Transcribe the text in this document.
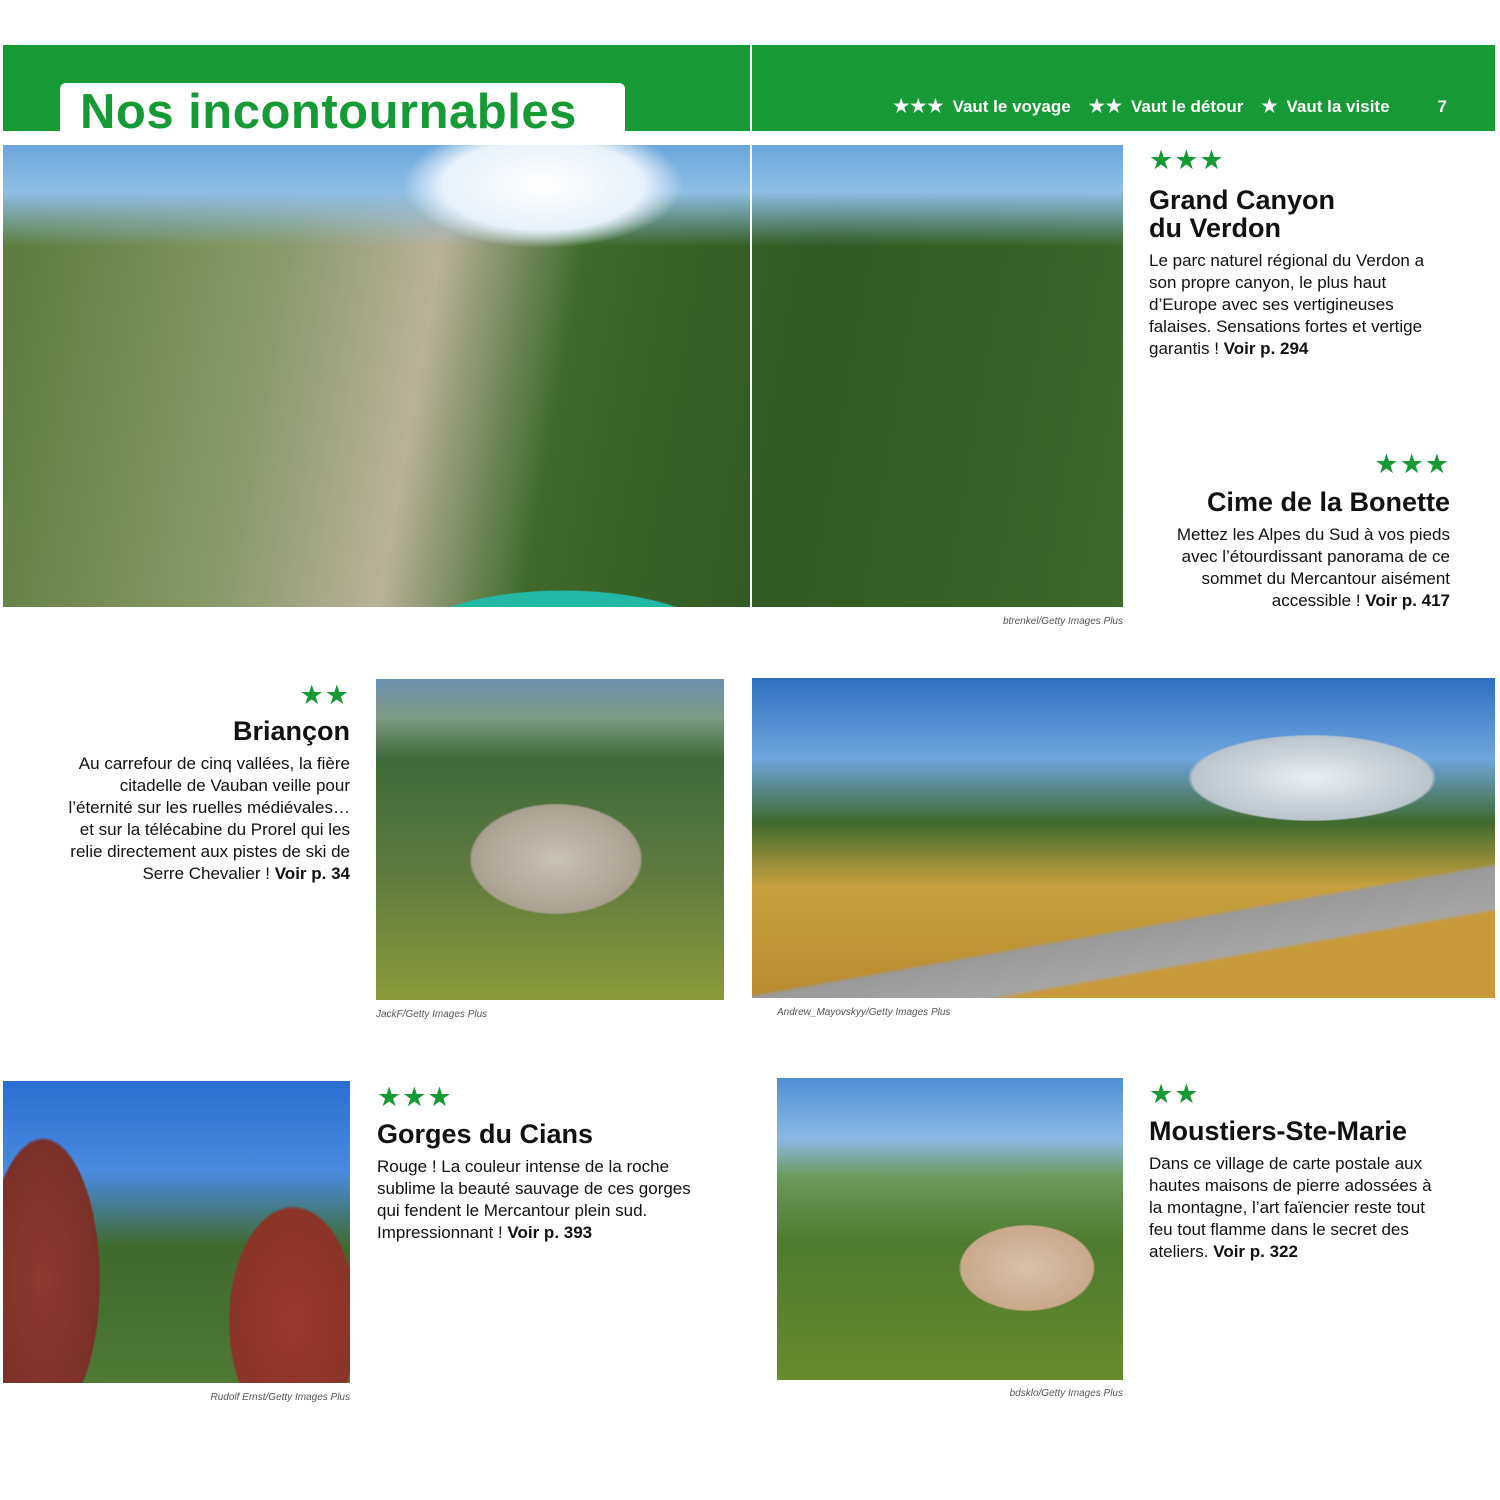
Nos incontournables	★★★ Vaut le voyage ★★ Vaut le détour ★ Vaut la visite	7
btrenkel/Getty Images Plus
★★★
Grand Canyon
du Verdon
Le parc naturel régional du Verdon a son propre canyon, le plus haut d’Europe avec ses vertigineuses falaises. Sensations fortes et vertige garantis ! Voir p. 294
★★★
Cime de la Bonette
Mettez les Alpes du Sud à vos pieds avec l’étourdissant panorama de ce sommet du Mercantour aisément accessible ! Voir p. 417
★★
Briançon
Au carrefour de cinq vallées, la fière citadelle de Vauban veille pour l’éternité sur les ruelles médiévales… et sur la télécabine du Prorel qui les relie directement aux pistes de ski de Serre Chevalier ! Voir p. 34
JackF/Getty Images Plus	Andrew_Mayovskyy/Getty Images Plus
Rudolf Ernst/Getty Images Plus
★★★
Gorges du Cians
Rouge ! La couleur intense de la roche sublime la beauté sauvage de ces gorges qui fendent le Mercantour plein sud. Impressionnant ! Voir p. 393
bdsklo/Getty Images Plus
★★
Moustiers-Ste-Marie
Dans ce village de carte postale aux hautes maisons de pierre adossées à la montagne, l’art faïencier reste tout feu tout flamme dans le secret des ateliers. Voir p. 322
